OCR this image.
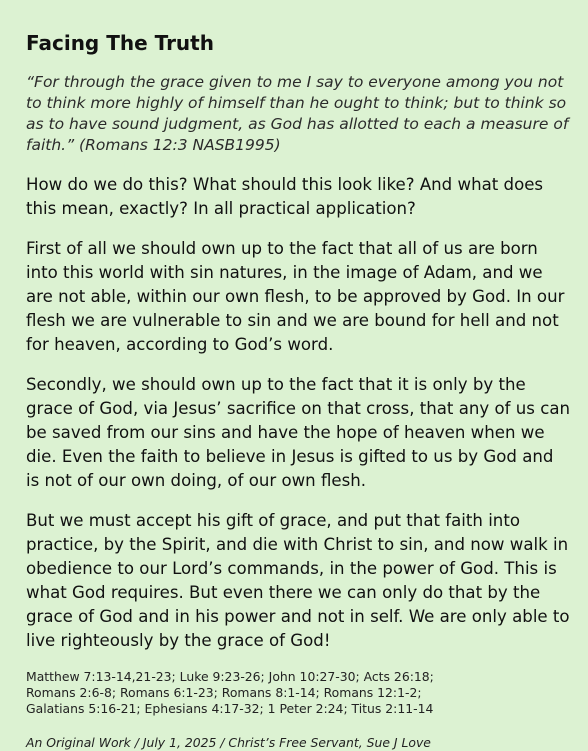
Facing The Truth

“For through the grace given to me I say to everyone among you not to think more highly of himself than he ought to think; but to think so as to have sound judgment, as God has allotted to each a measure of faith.” (Romans 12:3 NASB1995)

How do we do this? What should this look like? And what does this mean, exactly? In all practical application?

First of all we should own up to the fact that all of us are born into this world with sin natures, in the image of Adam, and we are not able, within our own flesh, to be approved by God. In our flesh we are vulnerable to sin and we are bound for hell and not for heaven, according to God’s word.

Secondly, we should own up to the fact that it is only by the grace of God, via Jesus’ sacrifice on that cross, that any of us can be saved from our sins and have the hope of heaven when we die. Even the faith to believe in Jesus is gifted to us by God and is not of our own doing, of our own flesh.

But we must accept his gift of grace, and put that faith into practice, by the Spirit, and die with Christ to sin, and now walk in obedience to our Lord’s commands, in the power of God. This is what God requires. But even there we can only do that by the grace of God and in his power and not in self. We are only able to live righteously by the grace of God!

Matthew 7:13-14,21-23; Luke 9:23-26; John 10:27-30; Acts 26:18;
Romans 2:6-8; Romans 6:1-23; Romans 8:1-14; Romans 12:1-2;
Galatians 5:16-21; Ephesians 4:17-32; 1 Peter 2:24; Titus 2:11-14

An Original Work / July 1, 2025 / Christ’s Free Servant, Sue J Love
